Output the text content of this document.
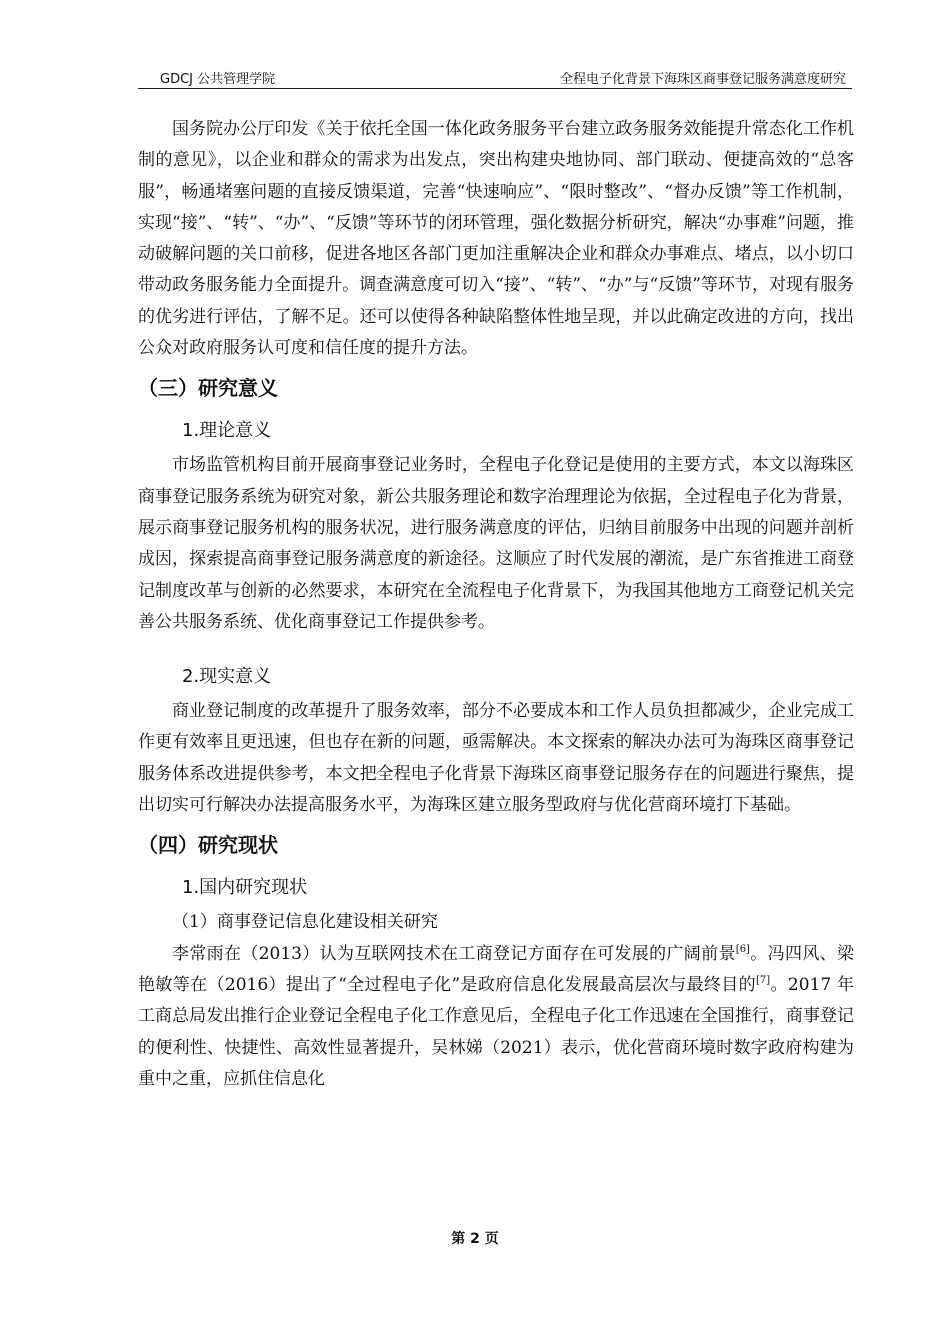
GDCJ 公共管理学院	全程电子化背景下海珠区商事登记服务满意度研究

国务院办公厅印发《关于依托全国一体化政务服务平台建立政务服务效能提升常态化工作机制的意见》，以企业和群众的需求为出发点，突出构建央地协同、部门联动、便捷高效的“总客服”，畅通堵塞问题的直接反馈渠道，完善“快速响应”、“限时整改”、“督办反馈”等工作机制，实现“接”、“转”、“办”、“反馈”等环节的闭环管理，强化数据分析研究，解决“办事难”问题，推动破解问题的关口前移，促进各地区各部门更加注重解决企业和群众办事难点、堵点，以小切口带动政务服务能力全面提升。调查满意度可切入“接”、“转”、“办”与“反馈”等环节，对现有服务的优劣进行评估，了解不足。还可以使得各种缺陷整体性地呈现，并以此确定改进的方向，找出公众对政府服务认可度和信任度的提升方法。

（三）研究意义
1.理论意义

市场监管机构目前开展商事登记业务时，全程电子化登记是使用的主要方式，本文以海珠区商事登记服务系统为研究对象，新公共服务理论和数字治理理论为依据，全过程电子化为背景，展示商事登记服务机构的服务状况，进行服务满意度的评估，归纳目前服务中出现的问题并剖析成因，探索提高商事登记服务满意度的新途径。这顺应了时代发展的潮流，是广东省推进工商登记制度改革与创新的必然要求，本研究在全流程电子化背景下，为我国其他地方工商登记机关完善公共服务系统、优化商事登记工作提供参考。

2.现实意义

商业登记制度的改革提升了服务效率，部分不必要成本和工作人员负担都减少，企业完成工作更有效率且更迅速，但也存在新的问题，亟需解决。本文探索的解决办法可为海珠区商事登记服务体系改进提供参考，本文把全程电子化背景下海珠区商事登记服务存在的问题进行聚焦，提出切实可行解决办法提高服务水平，为海珠区建立服务型政府与优化营商环境打下基础。

（四）研究现状
1.国内研究现状

（1）商事登记信息化建设相关研究

李常雨在（2013）认为互联网技术在工商登记方面存在可发展的广阔前景[6]。冯四风、梁艳敏等在（2016）提出了“全过程电子化”是政府信息化发展最高层次与最终目的[7]。2017 年工商总局发出推行企业登记全程电子化工作意见后，全程电子化工作迅速在全国推行，商事登记的便利性、快捷性、高效性显著提升，吴林娣（2021）表示，优化营商环境时数字政府构建为重中之重，应抓住信息化

第 2 页
